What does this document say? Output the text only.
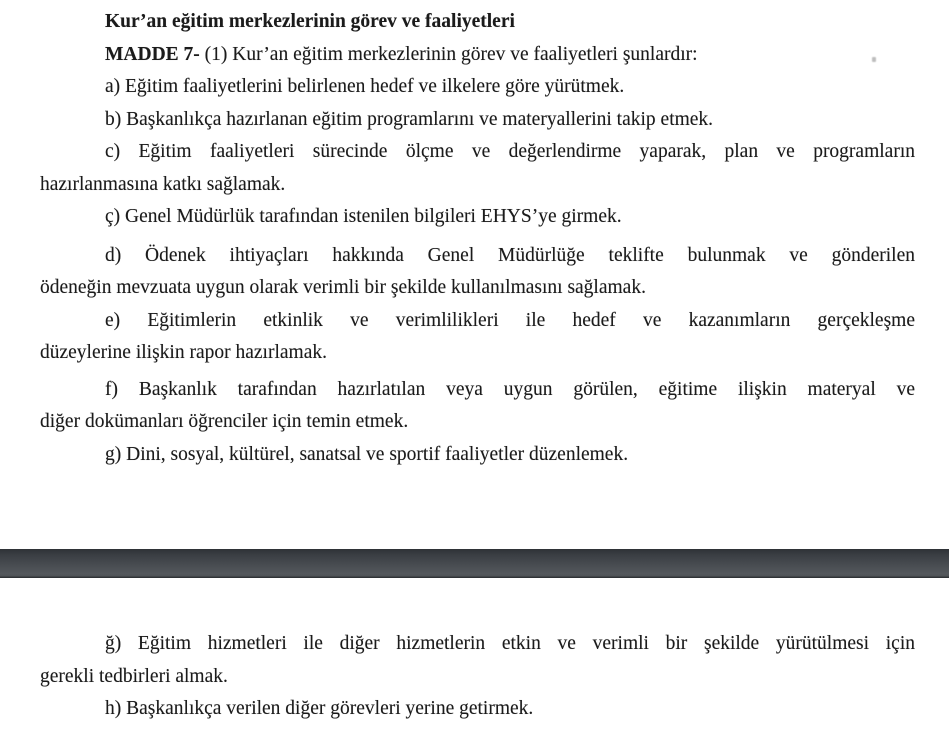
Kur’an eğitim merkezlerinin görev ve faaliyetleri

MADDE 7- (1) Kur’an eğitim merkezlerinin görev ve faaliyetleri şunlardır:

a) Eğitim faaliyetlerini belirlenen hedef ve ilkelere göre yürütmek.

b) Başkanlıkça hazırlanan eğitim programlarını ve materyallerini takip etmek.

c) Eğitim faaliyetleri sürecinde ölçme ve değerlendirme yaparak, plan ve programların
hazırlanmasına katkı sağlamak.

ç) Genel Müdürlük tarafından istenilen bilgileri EHYS’ye girmek.

d) Ödenek ihtiyaçları hakkında Genel Müdürlüğe teklifte bulunmak ve gönderilen
ödeneğin mevzuata uygun olarak verimli bir şekilde kullanılmasını sağlamak.

e) Eğitimlerin etkinlik ve verimlilikleri ile hedef ve kazanımların gerçekleşme
düzeylerine ilişkin rapor hazırlamak.

f) Başkanlık tarafından hazırlatılan veya uygun görülen, eğitime ilişkin materyal ve
diğer dokümanları öğrenciler için temin etmek.

g) Dini, sosyal, kültürel, sanatsal ve sportif faaliyetler düzenlemek.

ğ) Eğitim hizmetleri ile diğer hizmetlerin etkin ve verimli bir şekilde yürütülmesi için
gerekli tedbirleri almak.

h) Başkanlıkça verilen diğer görevleri yerine getirmek.
